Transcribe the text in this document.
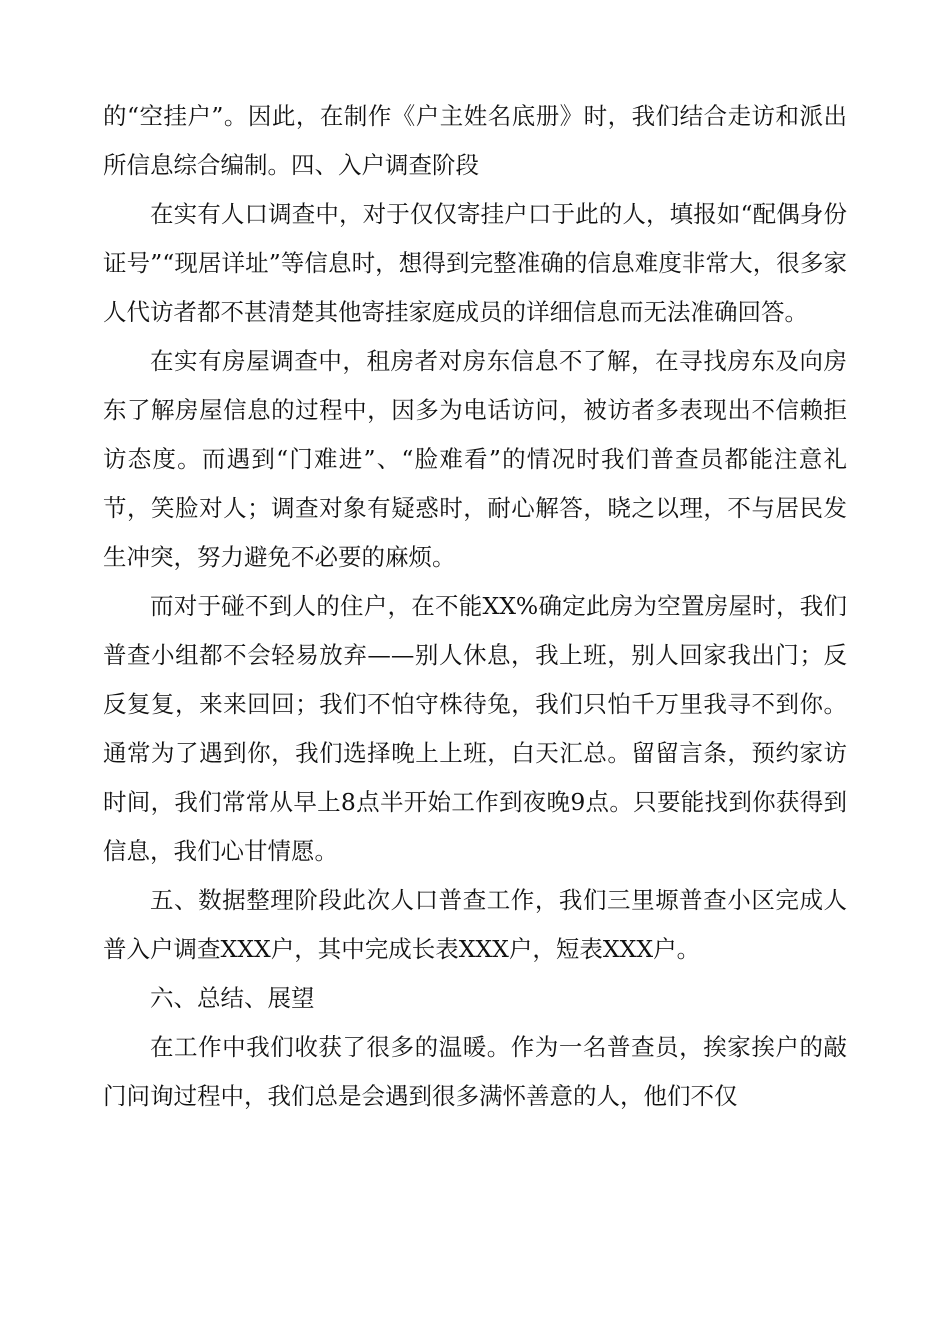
的“空挂户”。因此，在制作《户主姓名底册》时，我们结合走访和派出所信息综合编制。四、入户调查阶段

在实有人口调查中，对于仅仅寄挂户口于此的人，填报如“配偶身份证号”“现居详址”等信息时，想得到完整准确的信息难度非常大，很多家人代访者都不甚清楚其他寄挂家庭成员的详细信息而无法准确回答。

在实有房屋调查中，租房者对房东信息不了解，在寻找房东及向房东了解房屋信息的过程中，因多为电话访问，被访者多表现出不信赖拒访态度。而遇到“门难进”、“脸难看”的情况时我们普查员都能注意礼节，笑脸对人；调查对象有疑惑时，耐心解答，晓之以理，不与居民发生冲突，努力避免不必要的麻烦。

而对于碰不到人的住户，在不能XX%确定此房为空置房屋时，我们普查小组都不会轻易放弃——别人休息，我上班，别人回家我出门；反反复复，来来回回；我们不怕守株待兔，我们只怕千万里我寻不到你。通常为了遇到你，我们选择晚上上班，白天汇总。留留言条，预约家访时间，我们常常从早上8点半开始工作到夜晚9点。只要能找到你获得到信息，我们心甘情愿。

五、数据整理阶段此次人口普查工作，我们三里塬普查小区完成人普入户调查XXX户，其中完成长表XXX户，短表XXX户。

六、总结、展望

在工作中我们收获了很多的温暖。作为一名普查员，挨家挨户的敲门问询过程中，我们总是会遇到很多满怀善意的人，他们不仅
